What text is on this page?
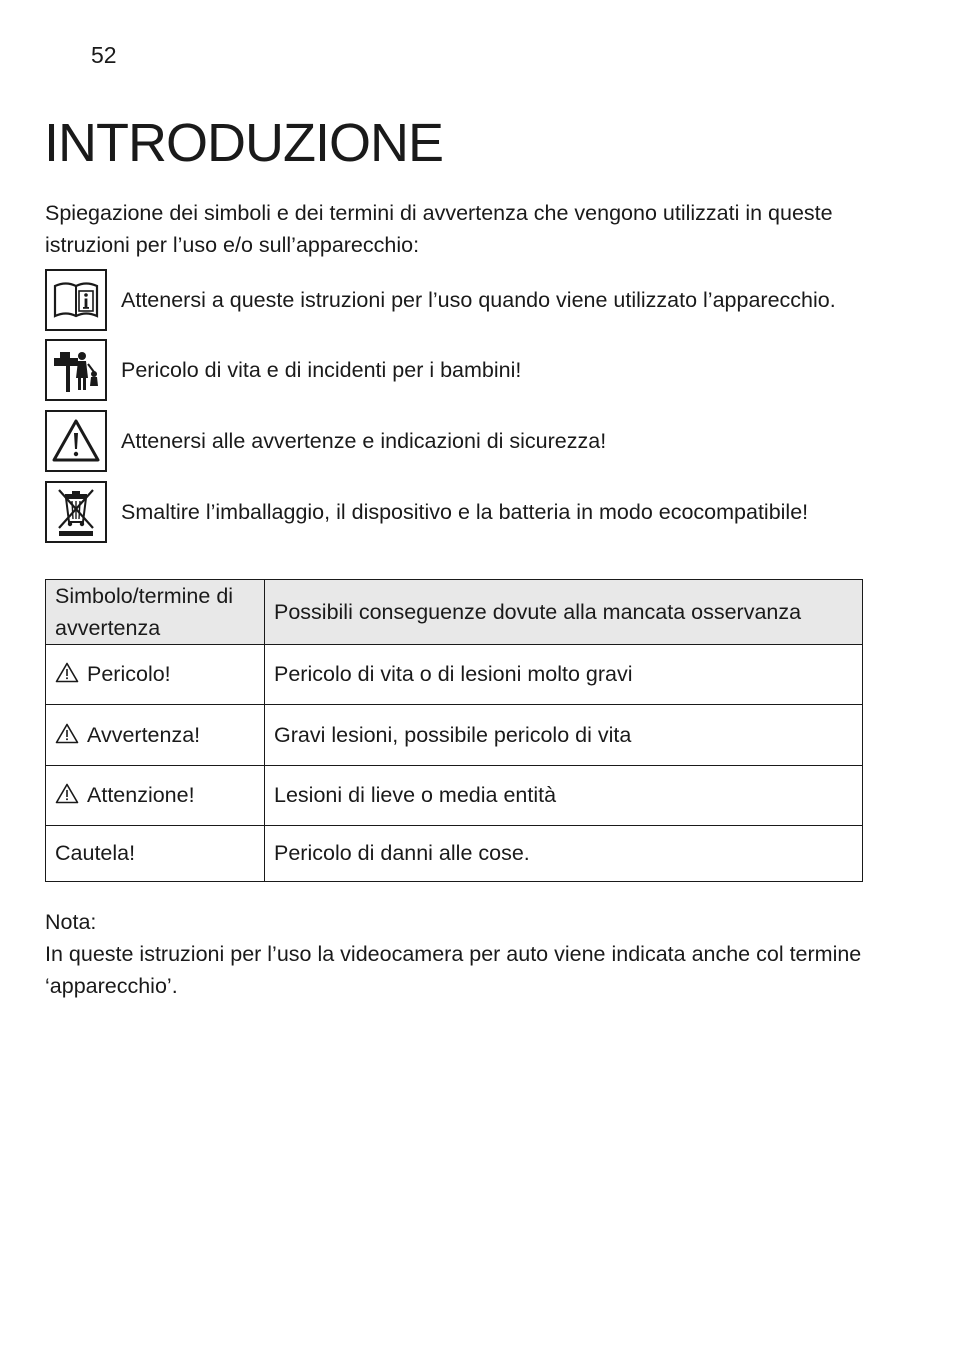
52
INTRODUZIONE

Spiegazione dei simboli e dei termini di avvertenza che vengono utilizzati in queste istruzioni per l’uso e/o sull’apparecchio:

Attenersi a queste istruzioni per l’uso quando viene utilizzato l’apparecchio.
Pericolo di vita e di incidenti per i bambini!
Attenersi alle avvertenze e indicazioni di sicurezza!
Smaltire l’imballaggio, il dispositivo e la batteria in modo ecocompatibile!
Simbolo/termine di avvertenza	Possibili conseguenze dovute alla mancata osservanza
Pericolo!	Pericolo di vita o di lesioni molto gravi
Avvertenza!	Gravi lesioni, possibile pericolo di vita
Attenzione!	Lesioni di lieve o media entità
Cautela!	Pericolo di danni alle cose.
Nota:
In queste istruzioni per l’uso la videocamera per auto viene indicata anche col termine ‘apparecchio’.
